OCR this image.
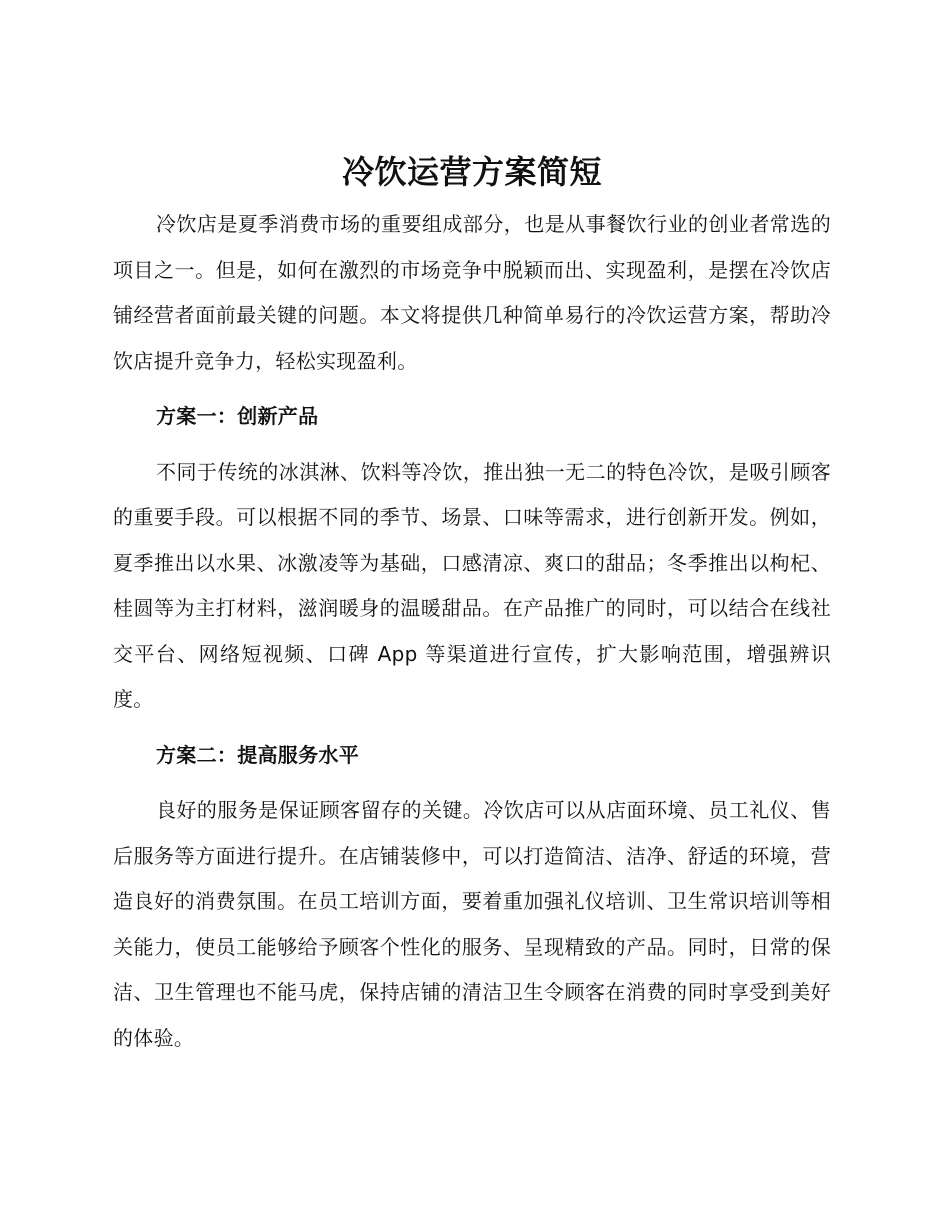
冷饮运营方案简短

冷饮店是夏季消费市场的重要组成部分，也是从事餐饮行业的创业者常选的项目之一。但是，如何在激烈的市场竞争中脱颖而出、实现盈利，是摆在冷饮店铺经营者面前最关键的问题。本文将提供几种简单易行的冷饮运营方案，帮助冷饮店提升竞争力，轻松实现盈利。

方案一：创新产品

不同于传统的冰淇淋、饮料等冷饮，推出独一无二的特色冷饮，是吸引顾客的重要手段。可以根据不同的季节、场景、口味等需求，进行创新开发。例如，夏季推出以水果、冰激凌等为基础，口感清凉、爽口的甜品；冬季推出以枸杞、桂圆等为主打材料，滋润暖身的温暖甜品。在产品推广的同时，可以结合在线社交平台、网络短视频、口碑 App 等渠道进行宣传，扩大影响范围，增强辨识度。

方案二：提高服务水平

良好的服务是保证顾客留存的关键。冷饮店可以从店面环境、员工礼仪、售后服务等方面进行提升。在店铺装修中，可以打造简洁、洁净、舒适的环境，营造良好的消费氛围。在员工培训方面，要着重加强礼仪培训、卫生常识培训等相关能力，使员工能够给予顾客个性化的服务、呈现精致的产品。同时，日常的保洁、卫生管理也不能马虎，保持店铺的清洁卫生令顾客在消费的同时享受到美好的体验。
